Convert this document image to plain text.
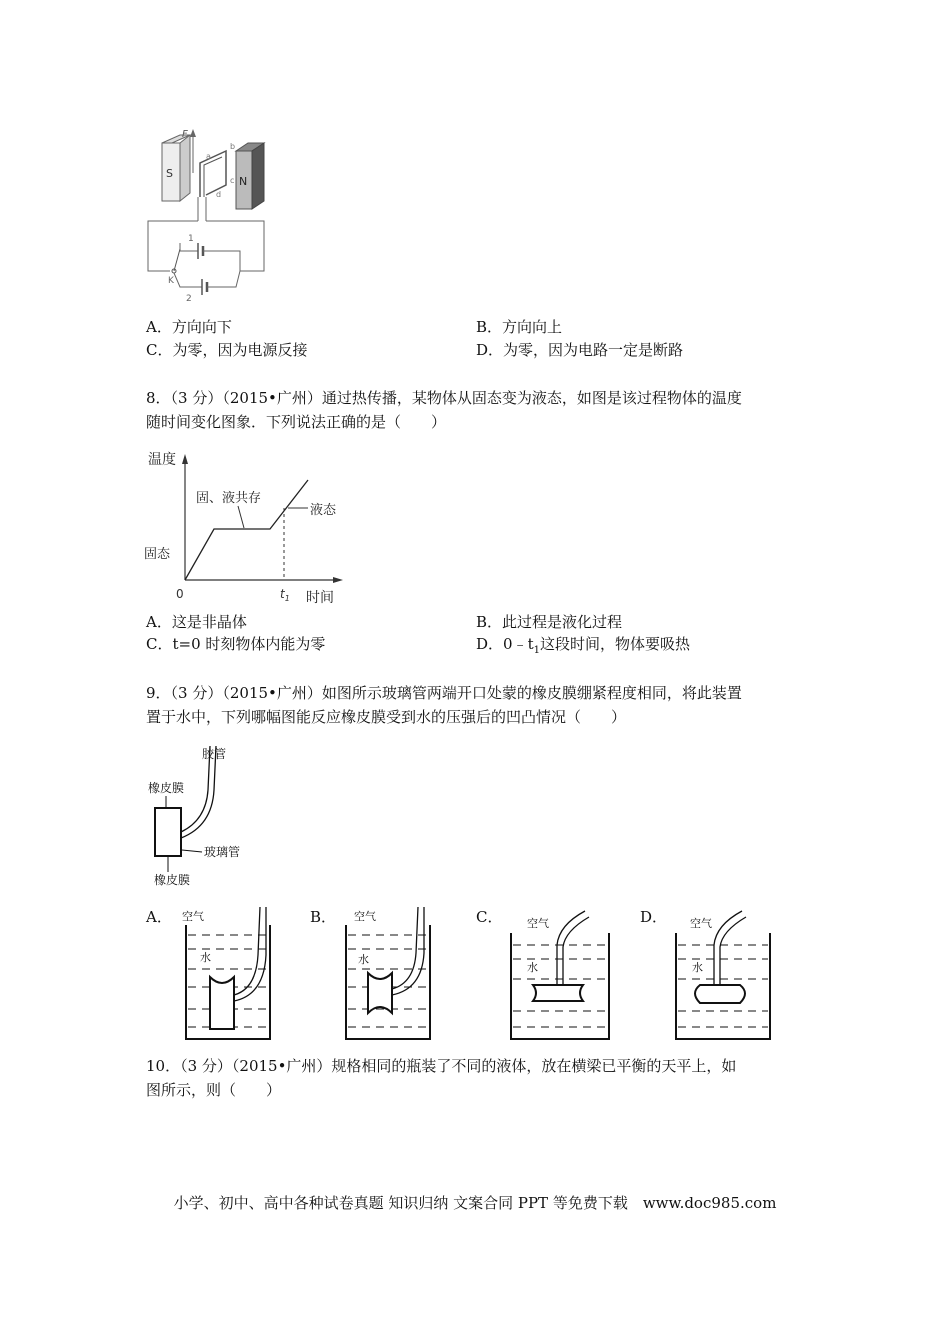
S
N
F
a
b
c
d
1
K
2
A．方向向下	B．方向向上
C．为零，因为电源反接	D．为零，因为电路一定是断路
8．（3 分）（2015•广州）通过热传播，某物体从固态变为液态，如图是该过程物体的温度
随时间变化图象．下列说法正确的是（　　）
温度
时间
0	$t_1$
固态
固、液共存
液态
A．这是非晶体	B．此过程是液化过程
C．t=0 时刻物体内能为零	D．$0﹣t_1$这段时间，物体要吸热
9．（3 分）（2015•广州）如图所示玻璃管两端开口处蒙的橡皮膜绷紧程度相同，将此装置
置于水中，下列哪幅图能反应橡皮膜受到水的压强后的凹凸情况（　　）
胶管
橡皮膜
玻璃管
橡皮膜
A．	B．	C．	D．
空气
水
空气
水
空气
水
空气
水
10．（3 分）（2015•广州）规格相同的瓶装了不同的液体，放在横梁已平衡的天平上，如
图所示，则（　　）
小学、初中、高中各种试卷真题 知识归纳 文案合同 PPT 等免费下载　www.doc985.com
